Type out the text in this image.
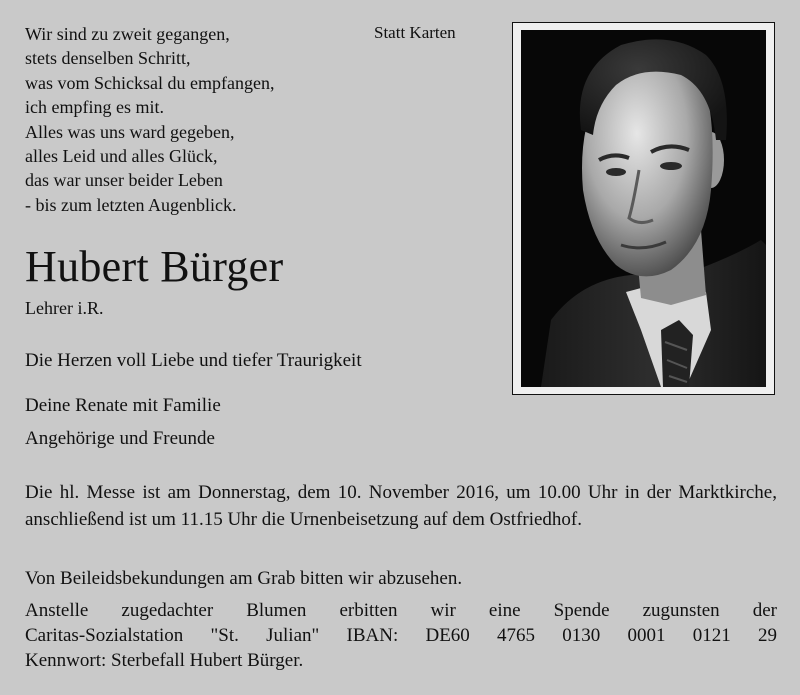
Wir sind zu zweit gegangen,
stets denselben Schritt,
was vom Schicksal du empfangen,
ich empfing es mit.
Alles was uns ward gegeben,
alles Leid und alles Glück,
das war unser beider Leben
- bis zum letzten Augenblick.
Statt Karten
Hubert Bürger
Lehrer i.R.
Die Herzen voll Liebe und tiefer Traurigkeit
Deine Renate mit Familie
Angehörige und Freunde

Die hl. Messe ist am Donnerstag, dem 10. November 2016, um 10.00 Uhr in der Marktkirche, anschließend ist um 11.15 Uhr die Urnenbeisetzung auf dem Ostfriedhof.

Von Beileidsbekundungen am Grab bitten wir abzusehen.
Anstelle zugedachter Blumen erbitten wir eine Spende zugunsten der
Caritas-Sozialstation "St. Julian" IBAN: DE60 4765 0130 0001 0121 29
Kennwort: Sterbefall Hubert Bürger.
